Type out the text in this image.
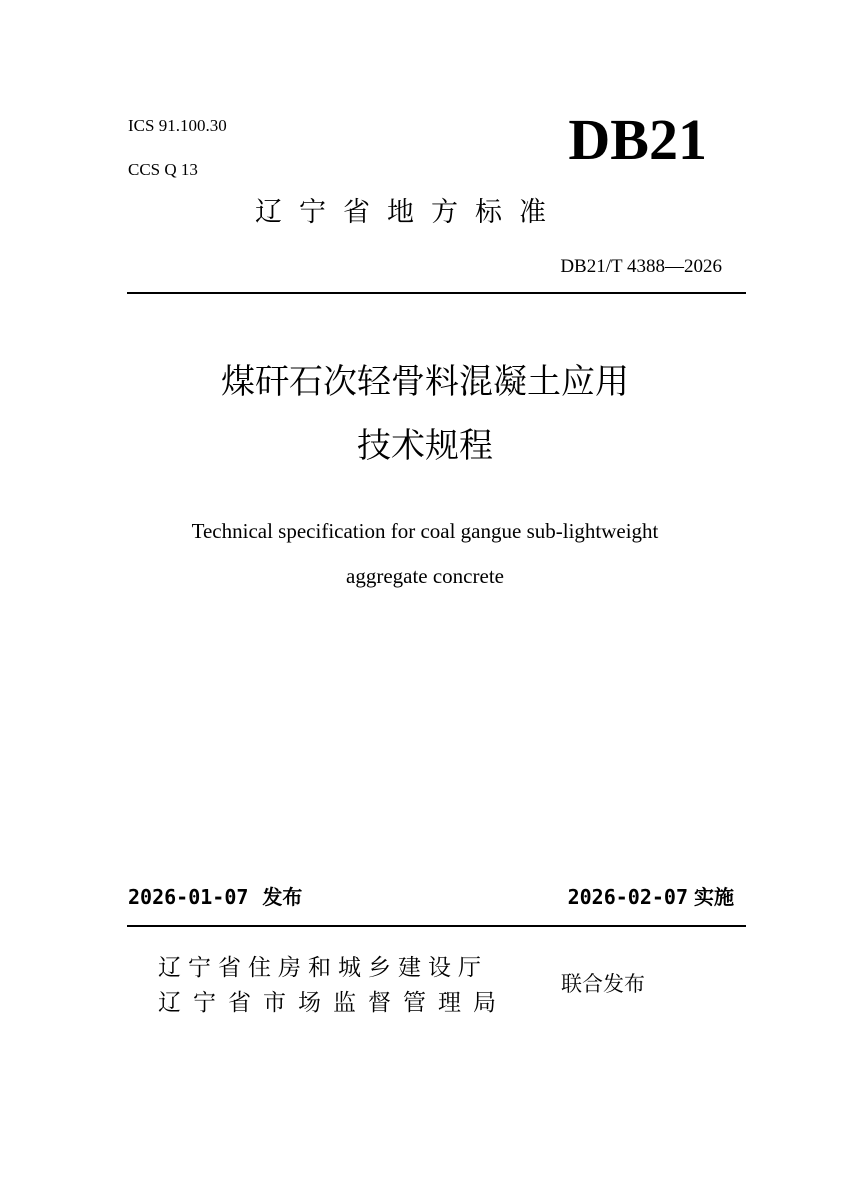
ICS 91.100.30
CCS Q 13	DB21
辽宁省地方标准
DB21/T 4388—2026
煤矸石次轻骨料混凝土应用
技术规程
Technical specification for coal gangue sub-lightweight
aggregate concrete
2026-01-07 发布	2026-02-07 实施
辽宁省住房和城乡建设厅
辽宁省市场监督管理局
联合发布
